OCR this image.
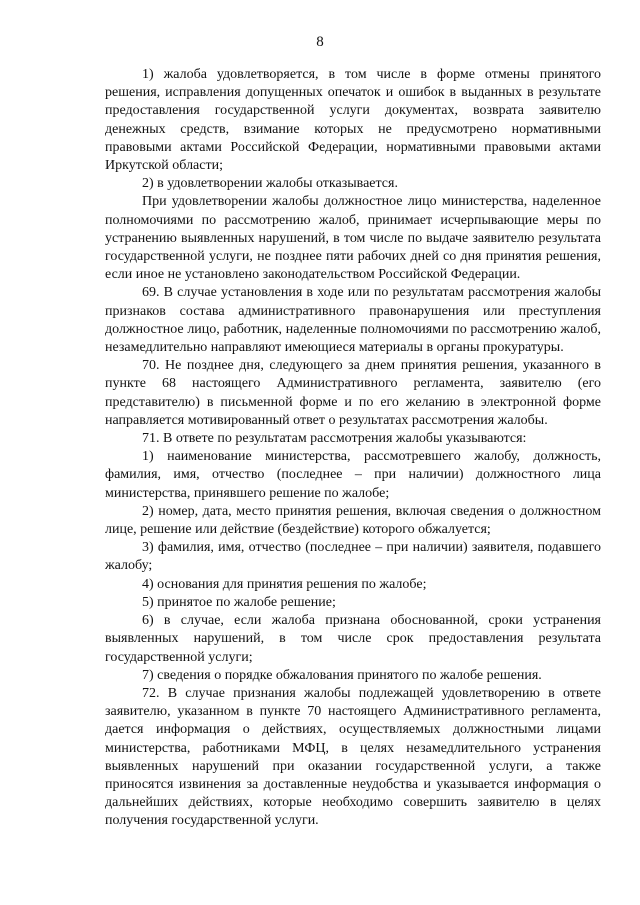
8

1) жалоба удовлетворяется, в том числе в форме отмены принятого решения, исправления допущенных опечаток и ошибок в выданных в результате предоставления государственной услуги документах, возврата заявителю денежных средств, взимание которых не предусмотрено нормативными правовыми актами Российской Федерации, нормативными правовыми актами Иркутской области;

2) в удовлетворении жалобы отказывается.

При удовлетворении жалобы должностное лицо министерства, наделенное полномочиями по рассмотрению жалоб, принимает исчерпывающие меры по устранению выявленных нарушений, в том числе по выдаче заявителю результата государственной услуги, не позднее пяти рабочих дней со дня принятия решения, если иное не установлено законодательством Российской Федерации.

69. В случае установления в ходе или по результатам рассмотрения жалобы признаков состава административного правонарушения или преступления должностное лицо, работник, наделенные полномочиями по рассмотрению жалоб, незамедлительно направляют имеющиеся материалы в органы прокуратуры.

70. Не позднее дня, следующего за днем принятия решения, указанного в пункте 68 настоящего Административного регламента, заявителю (его представителю) в письменной форме и по его желанию в электронной форме направляется мотивированный ответ о результатах рассмотрения жалобы.

71. В ответе по результатам рассмотрения жалобы указываются:

1) наименование министерства, рассмотревшего жалобу, должность, фамилия, имя, отчество (последнее – при наличии) должностного лица министерства, принявшего решение по жалобе;

2) номер, дата, место принятия решения, включая сведения о должностном лице, решение или действие (бездействие) которого обжалуется;

3) фамилия, имя, отчество (последнее – при наличии) заявителя, подавшего жалобу;

4) основания для принятия решения по жалобе;

5) принятое по жалобе решение;

6) в случае, если жалоба признана обоснованной, сроки устранения выявленных нарушений, в том числе срок предоставления результата государственной услуги;

7) сведения о порядке обжалования принятого по жалобе решения.

72. В случае признания жалобы подлежащей удовлетворению в ответе заявителю, указанном в пункте 70 настоящего Административного регламента, дается информация о действиях, осуществляемых должностными лицами министерства, работниками МФЦ, в целях незамедлительного устранения выявленных нарушений при оказании государственной услуги, а также приносятся извинения за доставленные неудобства и указывается информация о дальнейших действиях, которые необходимо совершить заявителю в целях получения государственной услуги.
